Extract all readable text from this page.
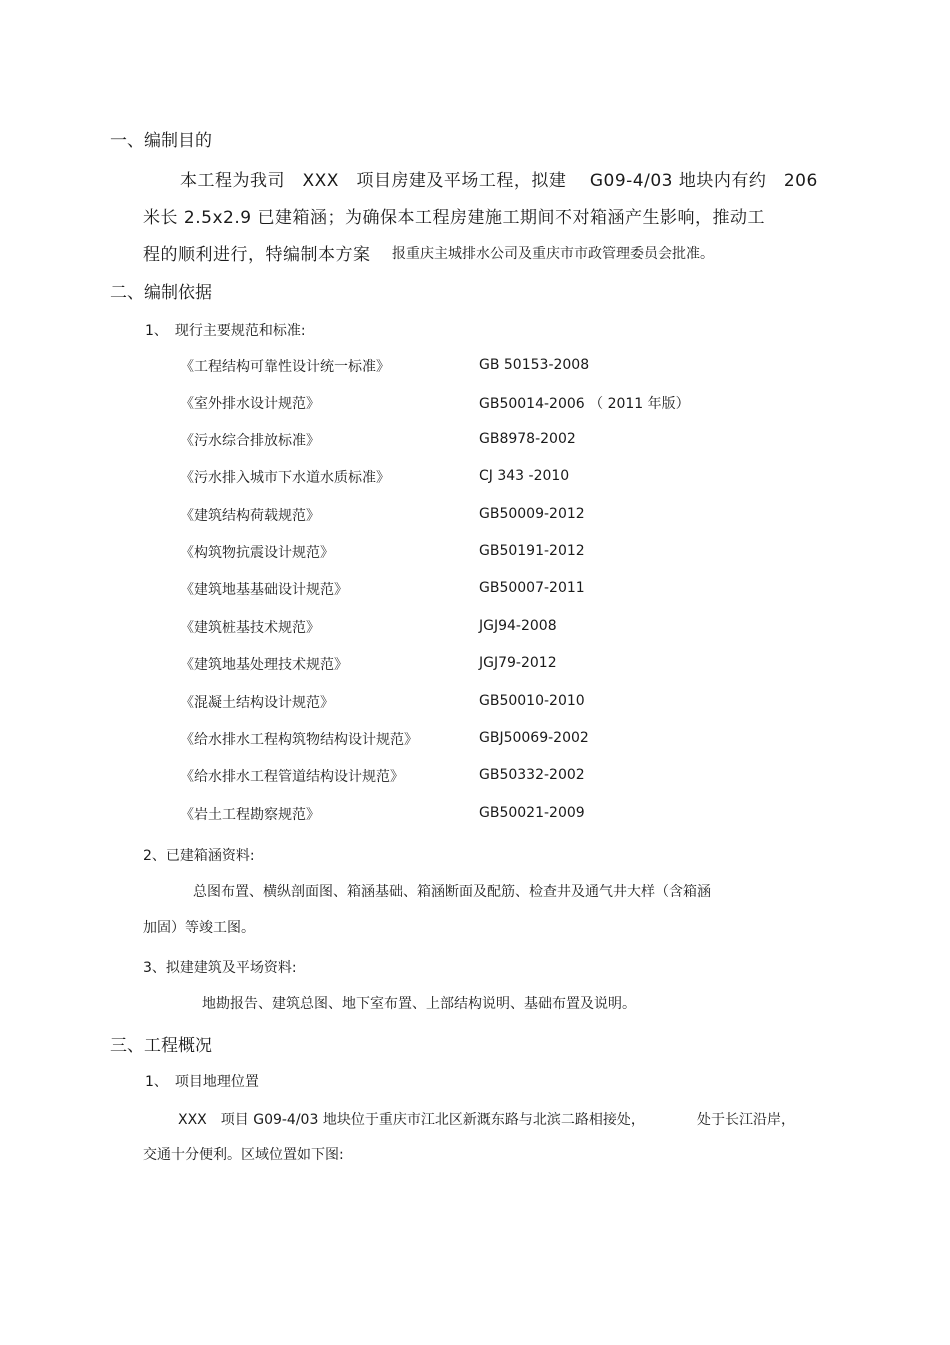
一、编制目的
本工程为我司　XXX　项目房建及平场工程，拟建　 G09-4/03 地块内有约　206
米长 2.5x2.9 已建箱涵；为确保本工程房建施工期间不对箱涵产生影响，推动工
程的顺利进行，特编制本方案 报重庆主城排水公司及重庆市市政管理委员会批准。
二、编制依据
1、　现行主要规范和标准:
《工程结构可靠性设计统一标准》	GB 50153-2008
《室外排水设计规范》	GB50014-2006 （ 2011 年版）
《污水综合排放标准》	GB8978-2002
《污水排入城市下水道水质标准》	CJ 343 -2010
《建筑结构荷载规范》	GB50009-2012
《构筑物抗震设计规范》	GB50191-2012
《建筑地基基础设计规范》	GB50007-2011
《建筑桩基技术规范》	JGJ94-2008
《建筑地基处理技术规范》	JGJ79-2012
《混凝土结构设计规范》	GB50010-2010
《给水排水工程构筑物结构设计规范》	GBJ50069-2002
《给水排水工程管道结构设计规范》	GB50332-2002
《岩土工程勘察规范》	GB50021-2009
2、已建箱涵资料:
总图布置、横纵剖面图、箱涵基础、箱涵断面及配筋、检查井及通气井大样（含箱涵
加固）等竣工图。
3、拟建建筑及平场资料:
地勘报告、建筑总图、地下室布置、上部结构说明、基础布置及说明。
三、工程概况
1、　项目地理位置
XXX　项目 G09-4/03 地块位于重庆市江北区新溉东路与北滨二路相接处，	处于长江沿岸，
交通十分便利。区域位置如下图:
